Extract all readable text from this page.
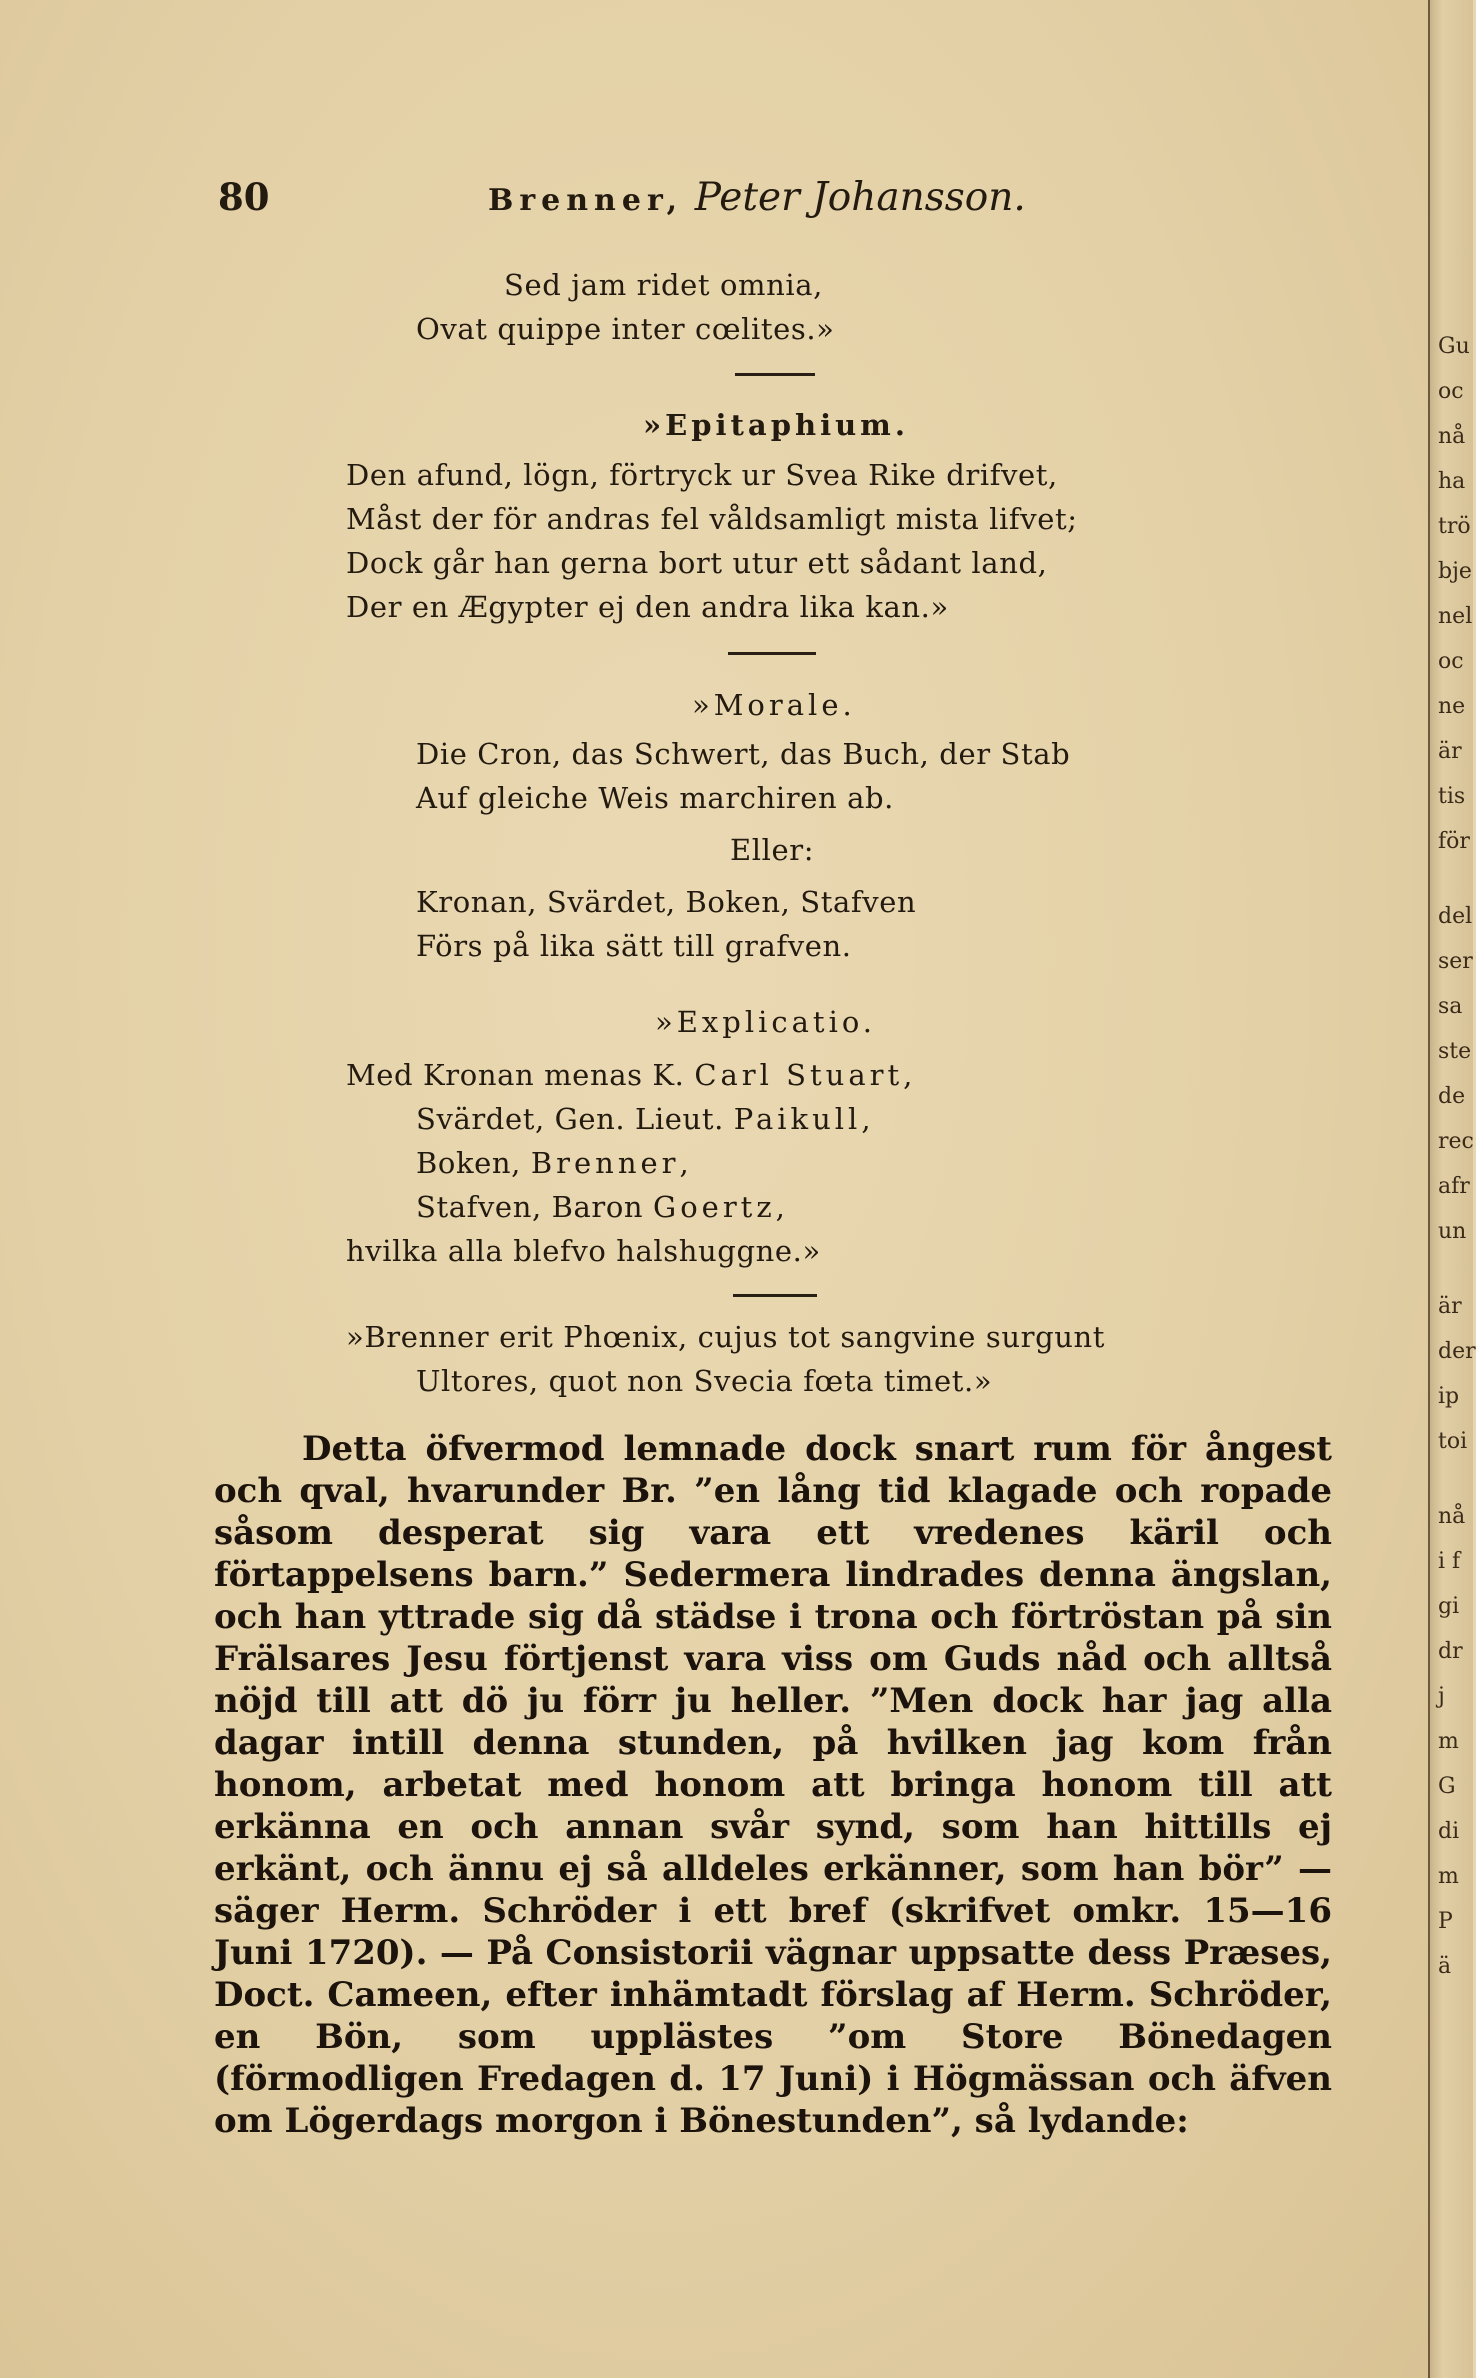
80	Brenner, Peter Johansson.
Sed jam ridet omnia,
Ovat quippe inter cœlites.»
»Epitaphium.
Den afund, lögn, förtryck ur Svea Rike drifvet,
Måst der för andras fel våldsamligt mista lifvet;
Dock går han gerna bort utur ett sådant land,
Der en Ægypter ej den andra lika kan.»
»Morale.
Die Cron, das Schwert, das Buch, der Stab
Auf gleiche Weis marchiren ab.
Eller:
Kronan, Svärdet, Boken, Stafven
Förs på lika sätt till grafven.
»Explicatio.
Med Kronan menas K. Carl Stuart,
Svärdet, Gen. Lieut. Paikull,
Boken, Brenner,
Stafven, Baron Goertz,
hvilka alla blefvo halshuggne.»
»Brenner erit Phœnix, cujus tot sangvine surgunt
Ultores, quot non Svecia fœta timet.»

Detta öfvermod lemnade dock snart rum för ångest och qval, hvarunder Br. ”en lång tid klagade och ropade såsom desperat sig vara ett vredenes käril och förtappelsens barn.” Sedermera lindrades denna ängslan, och han yttrade sig då städse i trona och förtröstan på sin Frälsares Jesu förtjenst vara viss om Guds nåd och alltså nöjd till att dö ju förr ju heller. ”Men dock har jag alla dagar intill denna stunden, på hvilken jag kom från honom, arbetat med honom att bringa honom till att erkänna en och annan svår synd, som han hittills ej erkänt, och ännu ej så alldeles erkänner, som han bör” — säger Herm. Schröder i ett bref (skrifvet omkr. 15—16 Juni 1720). — På Consistorii vägnar uppsatte dess Præses, Doct. Cameen, efter inhämtadt förslag af Herm. Schröder, en Bön, som upplästes ”om Store Bönedagen (förmodligen Fredagen d. 17 Juni) i Högmässan och äfven om Lögerdags morgon i Bönestunden”, så lydande:

Gu
oc
nå
ha
trö
bje
nel
oc
ne
är
tis
för
del
ser
sa
ste
de
rec
afr
un
är
der
ip
toi
nå
i f
gi
dr
j
m
G
di
m
P
ä
